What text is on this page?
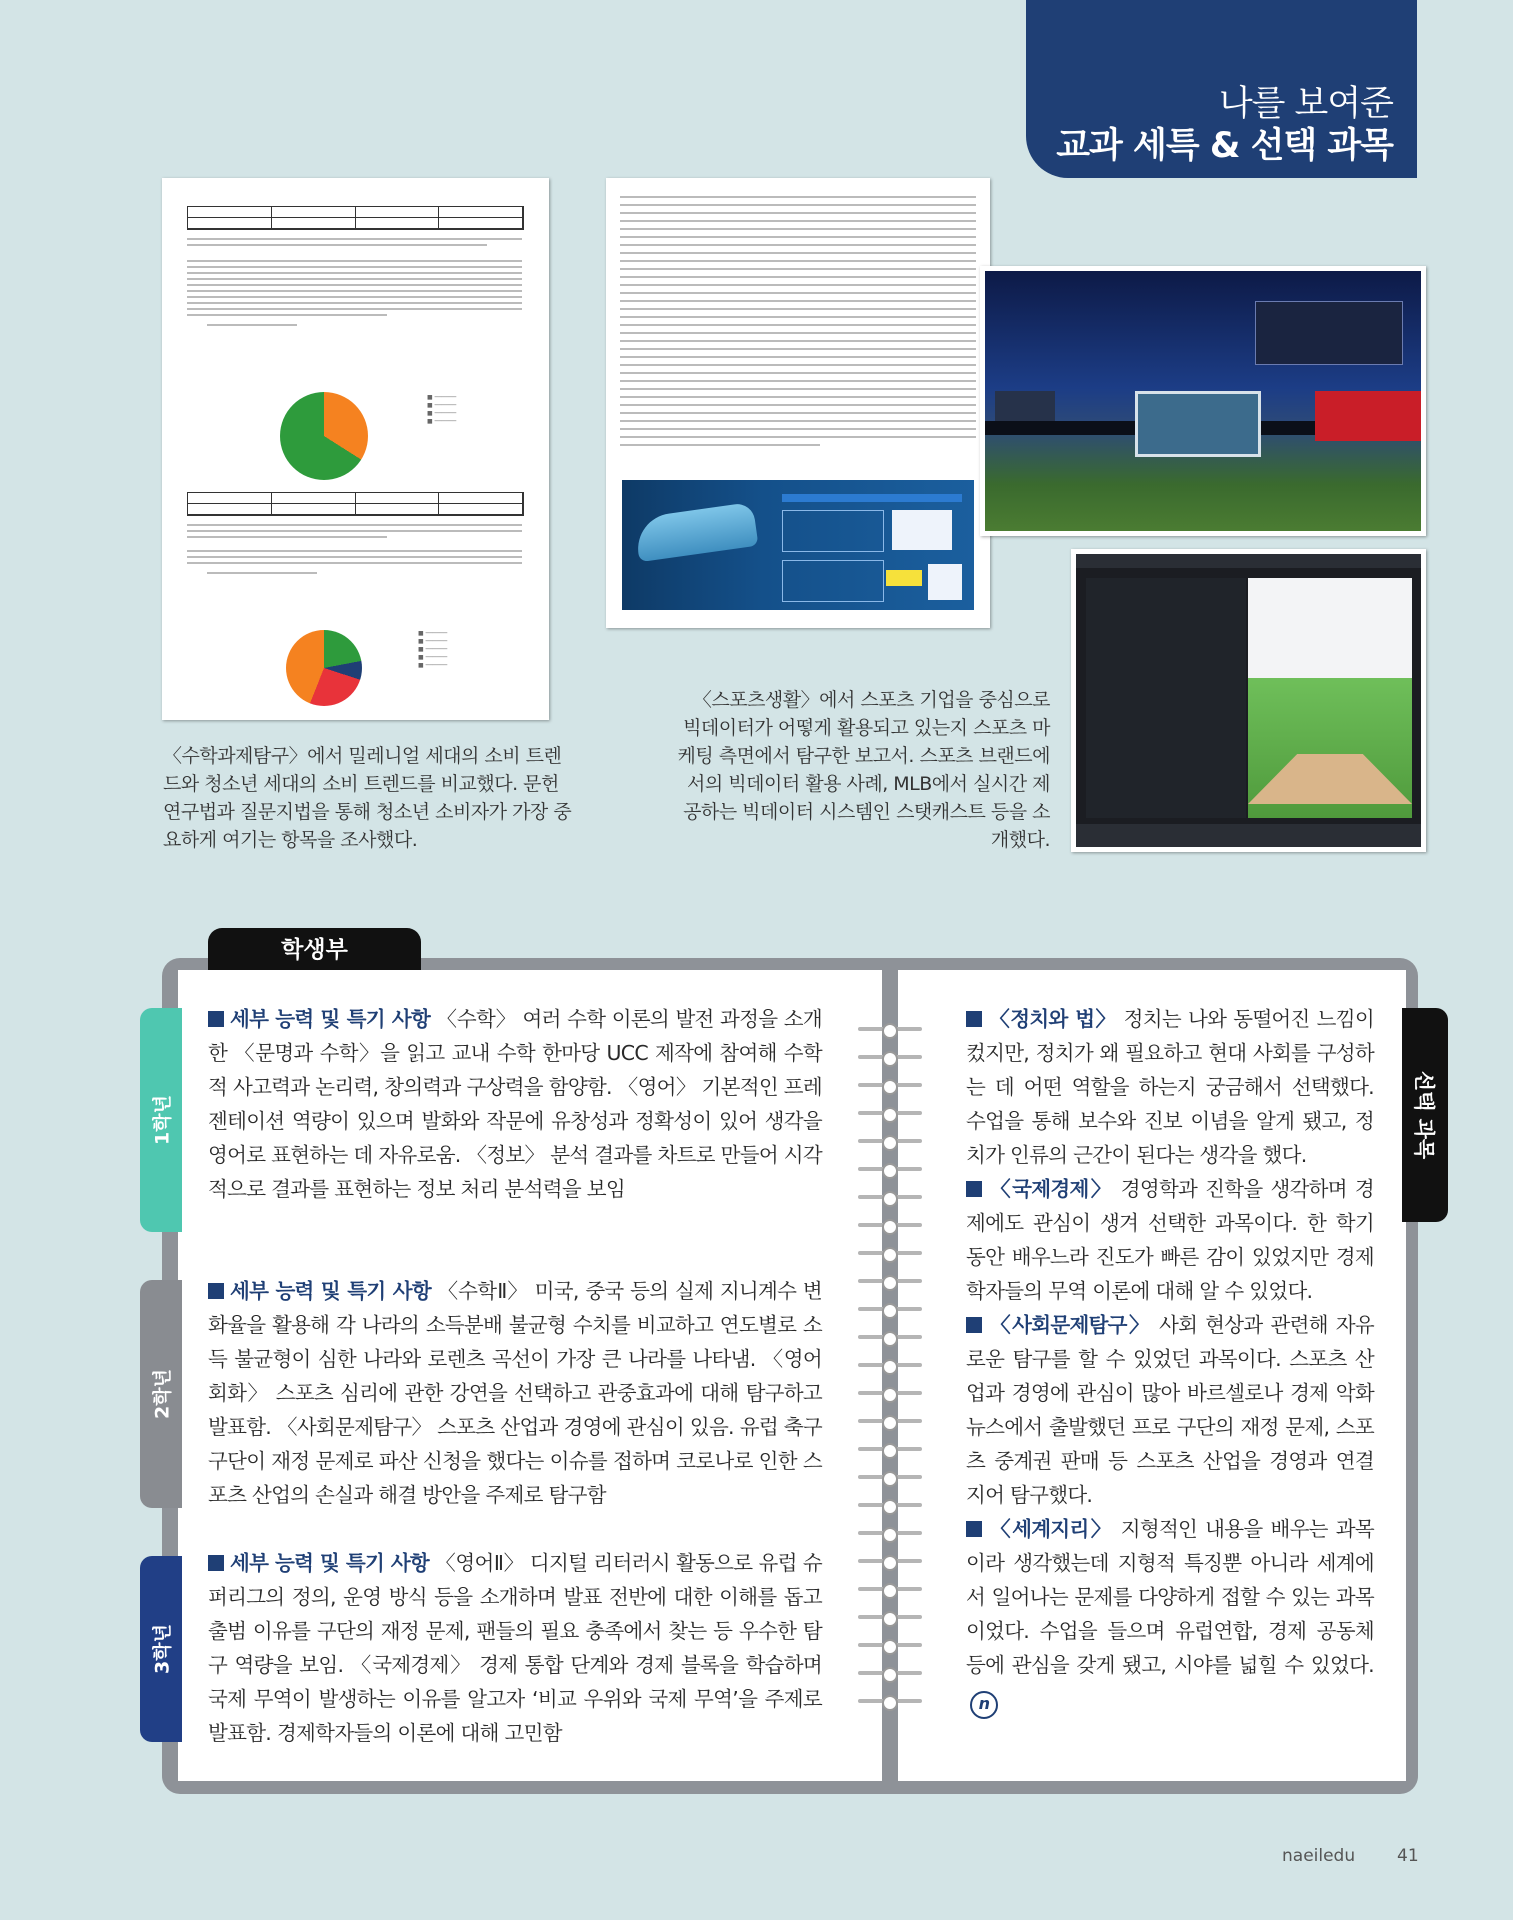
나를 보여준
교과 세특 & 선택 과목
■ ──────
■ ──────
■ ──────
■ ──────
■ ──────
■ ──────
■ ──────
■ ──────
■ ──────
〈수학과제탐구〉에서 밀레니얼 세대의 소비 트렌드와 청소년 세대의 소비 트렌드를 비교했다. 문헌 연구법과 질문지법을 통해 청소년 소비자가 가장 중요하게 여기는 항목을 조사했다.
〈스포츠생활〉에서 스포츠 기업을 중심으로 빅데이터가 어떻게 활용되고 있는지 스포츠 마케팅 측면에서 탐구한 보고서. 스포츠 브랜드에서의 빅데이터 활용 사례, MLB에서 실시간 제공하는 빅데이터 시스템인 스탯캐스트 등을 소개했다.
학생부
1학년
2학년
3학년
선택 과목
세부 능력 및 특기 사항 〈수학〉 여러 수학 이론의 발전 과정을 소개한 〈문명과 수학〉을 읽고 교내 수학 한마당 UCC 제작에 참여해 수학적 사고력과 논리력, 창의력과 구상력을 함양함. 〈영어〉 기본적인 프레젠테이션 역량이 있으며 발화와 작문에 유창성과 정확성이 있어 생각을 영어로 표현하는 데 자유로움. 〈정보〉 분석 결과를 차트로 만들어 시각적으로 결과를 표현하는 정보 처리 분석력을 보임
세부 능력 및 특기 사항 〈수학Ⅱ〉 미국, 중국 등의 실제 지니계수 변화율을 활용해 각 나라의 소득분배 불균형 수치를 비교하고 연도별로 소득 불균형이 심한 나라와 로렌츠 곡선이 가장 큰 나라를 나타냄. 〈영어회화〉 스포츠 심리에 관한 강연을 선택하고 관중효과에 대해 탐구하고 발표함. 〈사회문제탐구〉 스포츠 산업과 경영에 관심이 있음. 유럽 축구 구단이 재정 문제로 파산 신청을 했다는 이슈를 접하며 코로나로 인한 스포츠 산업의 손실과 해결 방안을 주제로 탐구함
세부 능력 및 특기 사항 〈영어Ⅱ〉 디지털 리터러시 활동으로 유럽 슈퍼리그의 정의, 운영 방식 등을 소개하며 발표 전반에 대한 이해를 돕고 출범 이유를 구단의 재정 문제, 팬들의 필요 충족에서 찾는 등 우수한 탐구 역량을 보임. 〈국제경제〉 경제 통합 단계와 경제 블록을 학습하며 국제 무역이 발생하는 이유를 알고자 ‘비교 우위와 국제 무역’을 주제로 발표함. 경제학자들의 이론에 대해 고민함
〈정치와 법〉 정치는 나와 동떨어진 느낌이 컸지만, 정치가 왜 필요하고 현대 사회를 구성하는 데 어떤 역할을 하는지 궁금해서 선택했다. 수업을 통해 보수와 진보 이념을 알게 됐고, 정치가 인류의 근간이 된다는 생각을 했다.
〈국제경제〉 경영학과 진학을 생각하며 경제에도 관심이 생겨 선택한 과목이다. 한 학기 동안 배우느라 진도가 빠른 감이 있었지만 경제학자들의 무역 이론에 대해 알 수 있었다.
〈사회문제탐구〉 사회 현상과 관련해 자유로운 탐구를 할 수 있었던 과목이다. 스포츠 산업과 경영에 관심이 많아 바르셀로나 경제 악화 뉴스에서 출발했던 프로 구단의 재정 문제, 스포츠 중계권 판매 등 스포츠 산업을 경영과 연결 지어 탐구했다.
〈세계지리〉 지형적인 내용을 배우는 과목이라 생각했는데 지형적 특징뿐 아니라 세계에서 일어나는 문제를 다양하게 접할 수 있는 과목이었다. 수업을 들으며 유럽연합, 경제 공동체 등에 관심을 갖게 됐고, 시야를 넓힐 수 있었다.n
naeiledu 41
